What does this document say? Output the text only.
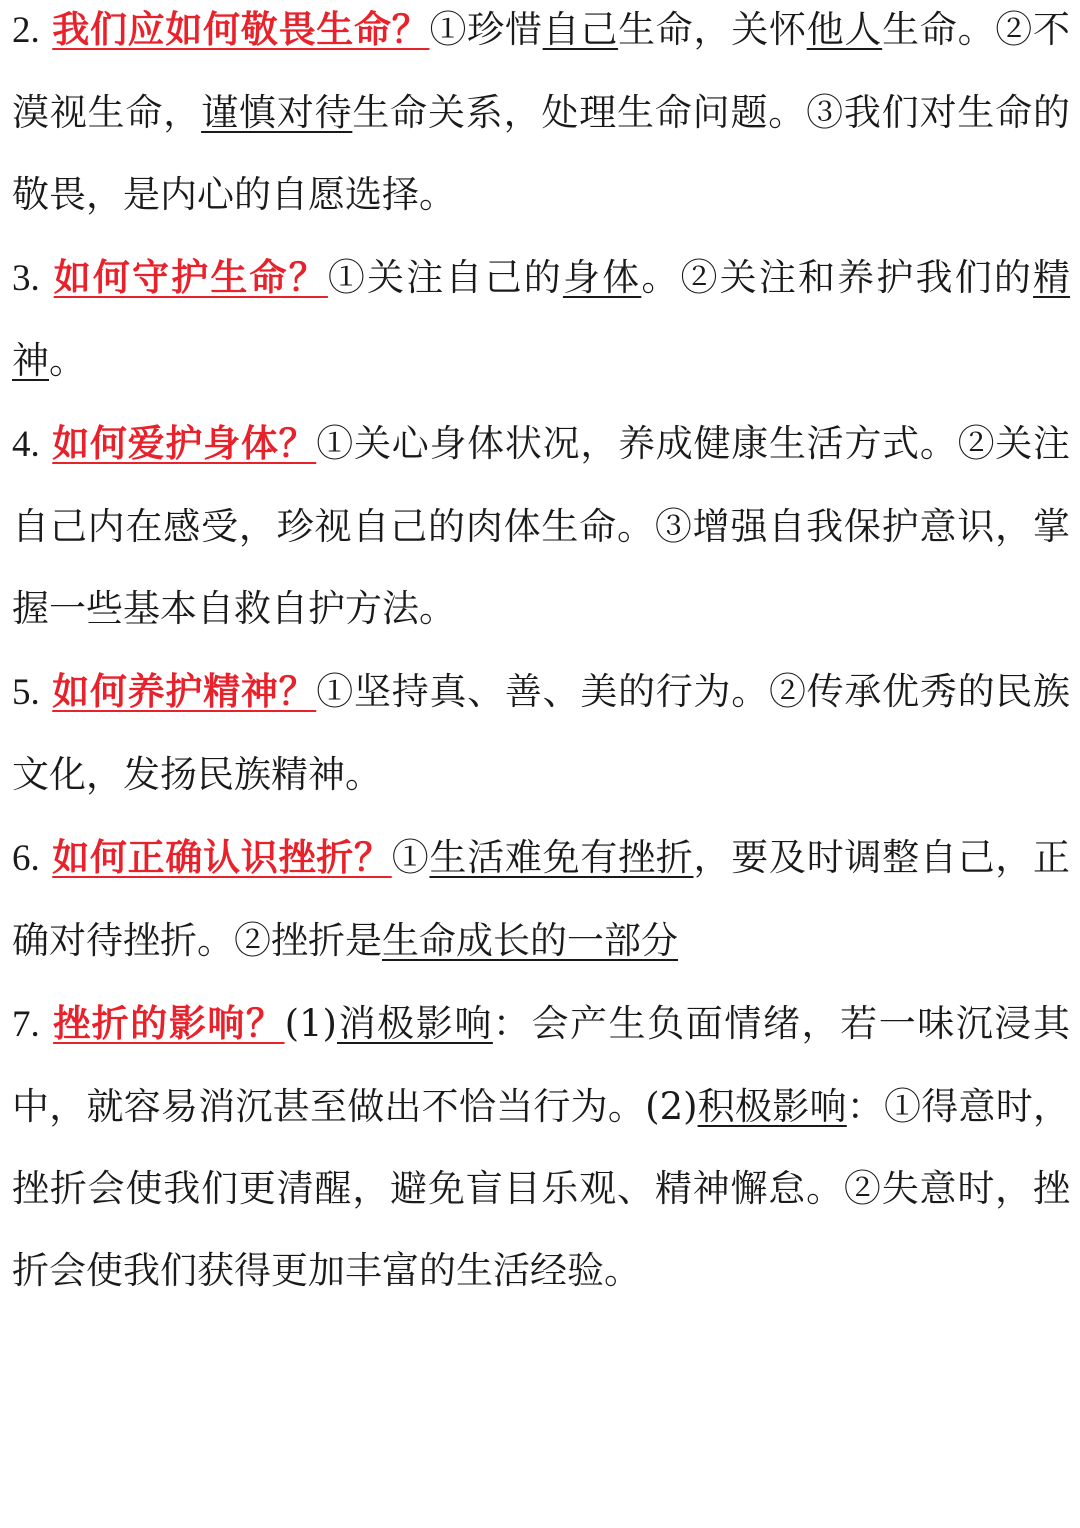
2. 我们应如何敬畏生命？①珍惜自己生命，关怀他人生命。②不漠视生命，谨慎对待生命关系，处理生命问题。③我们对生命的敬畏，是内心的自愿选择。

3. 如何守护生命？①关注自己的身体。②关注和养护我们的精神。

4. 如何爱护身体？①关心身体状况，养成健康生活方式。②关注自己内在感受，珍视自己的肉体生命。③增强自我保护意识，掌握一些基本自救自护方法。

5. 如何养护精神？①坚持真、善、美的行为。②传承优秀的民族文化，发扬民族精神。

6. 如何正确认识挫折？①生活难免有挫折，要及时调整自己，正确对待挫折。②挫折是生命成长的一部分

7. 挫折的影响？(1)消极影响：会产生负面情绪，若一味沉浸其中，就容易消沉甚至做出不恰当行为。(2)积极影响：①得意时，挫折会使我们更清醒，避免盲目乐观、精神懈怠。②失意时，挫折会使我们获得更加丰富的生活经验。
